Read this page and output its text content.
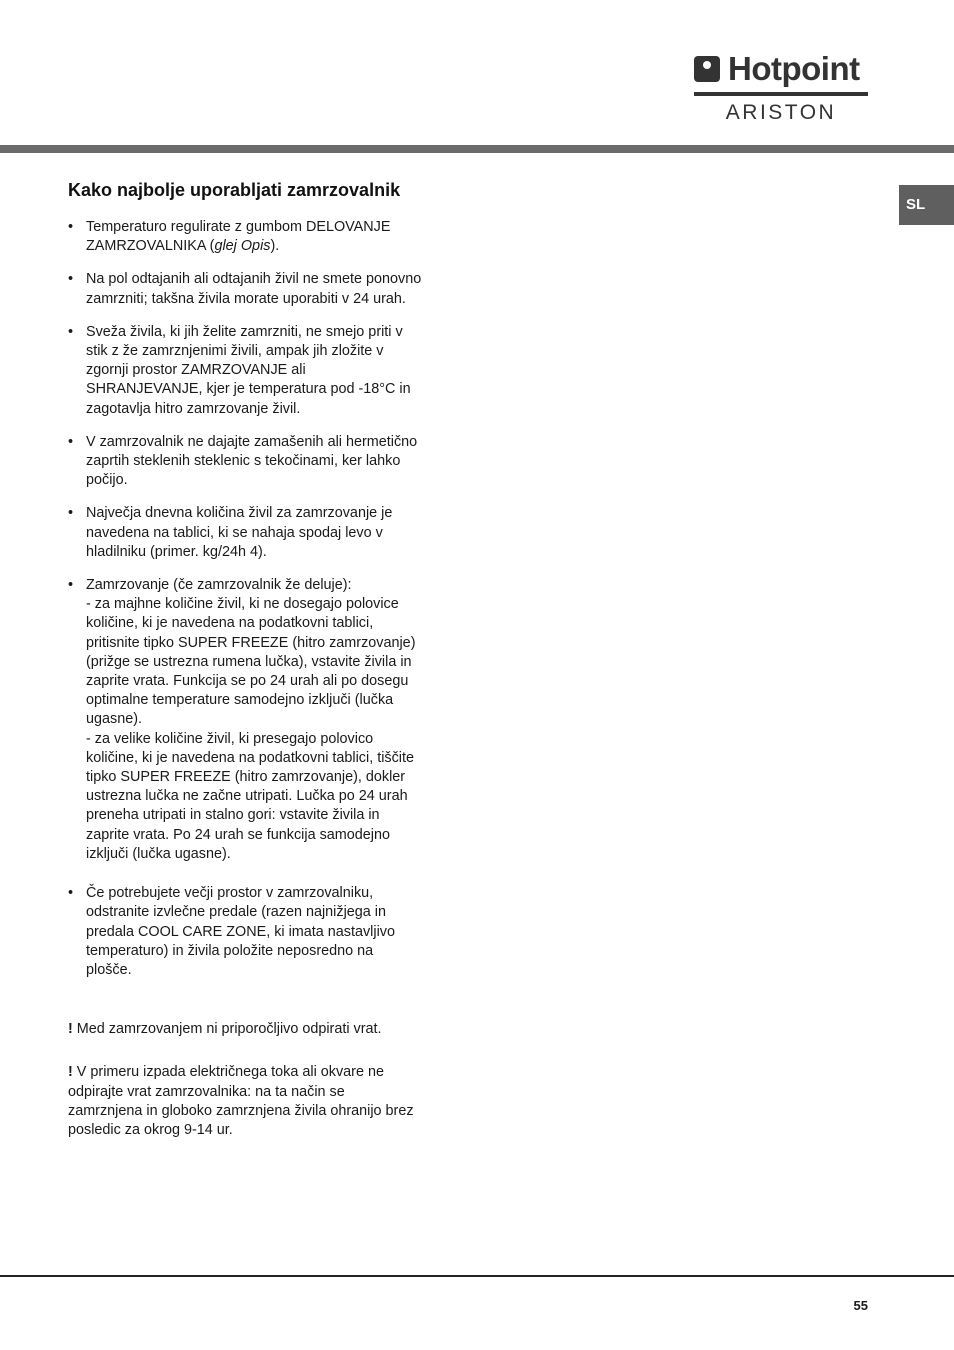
Hotpoint
ARISTON
SL
Kako najbolje uporabljati zamrzovalnik
• Temperaturo regulirate z gumbom DELOVANJE
ZAMRZOVALNIKA (glej Opis).
• Na pol odtajanih ali odtajanih živil ne smete ponovno
zamrzniti; takšna živila morate uporabiti v 24 urah.
• Sveža živila, ki jih želite zamrzniti, ne smejo priti v
stik z že zamrznjenimi živili, ampak jih zložite v
zgornji prostor ZAMRZOVANJE ali
SHRANJEVANJE, kjer je temperatura pod -18°C in
zagotavlja hitro zamrzovanje živil.
• V zamrzovalnik ne dajajte zamašenih ali hermetično
zaprtih steklenih steklenic s tekočinami, ker lahko
počijo.
• Največja dnevna količina živil za zamrzovanje je
navedena na tablici, ki se nahaja spodaj levo v
hladilniku (primer. kg/24h 4).
• Zamrzovanje (če zamrzovalnik že deluje):
- za majhne količine živil, ki ne dosegajo polovice
količine, ki je navedena na podatkovni tablici,
pritisnite tipko SUPER FREEZE (hitro zamrzovanje)
(prižge se ustrezna rumena lučka), vstavite živila in
zaprite vrata. Funkcija se po 24 urah ali po dosegu
optimalne temperature samodejno izklјuči (lučka
ugasne).
- za velike količine živil, ki presegajo polovico
količine, ki je navedena na podatkovni tablici, tiščite
tipko SUPER FREEZE (hitro zamrzovanje), dokler
ustrezna lučka ne začne utripati. Lučka po 24 urah
preneha utripati in stalno gori: vstavite živila in
zaprite vrata. Po 24 urah se funkcija samodejno
izključi (lučka ugasne).
• Če potrebujete večji prostor v zamrzovalniku,
odstranite izvlečne predale (razen najnižjega in
predala COOL CARE ZONE, ki imata nastavljivo
temperaturo) in živila položite neposredno na
plošče.

! Med zamrzovanjem ni priporočljivo odpirati vrat.

! V primeru izpada električnega toka ali okvare ne
odpirajte vrat zamrzovalnika: na ta način se
zamrznjena in globoko zamrznjena živila ohranijo brez
posledic za okrog 9-14 ur.

55
